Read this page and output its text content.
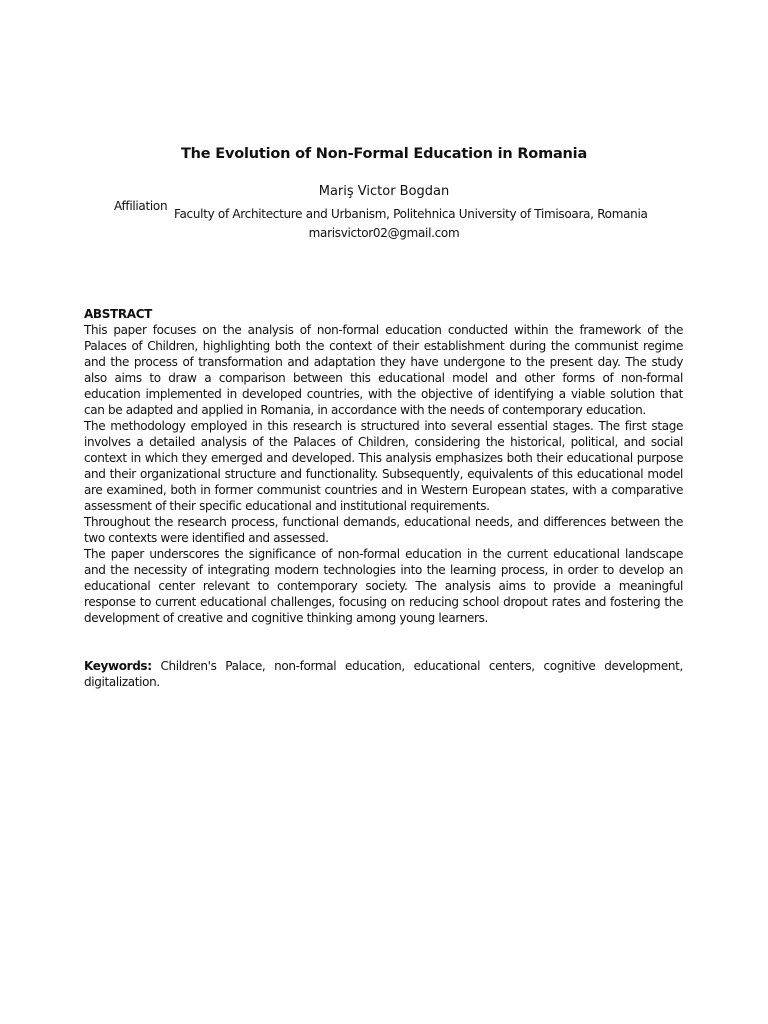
The Evolution of Non-Formal Education in Romania
Mariş Victor Bogdan
Affiliation
Faculty of Architecture and Urbanism, Politehnica University of Timisoara, Romania
marisvictor02@gmail.com
ABSTRACT

This paper focuses on the analysis of non-formal education conducted within the framework of the Palaces of Children, highlighting both the context of their establishment during the communist regime and the process of transformation and adaptation they have undergone to the present day. The study also aims to draw a comparison between this educational model and other forms of non-formal education implemented in developed countries, with the objective of identifying a viable solution that can be adapted and applied in Romania, in accordance with the needs of contemporary education.

The methodology employed in this research is structured into several essential stages. The first stage involves a detailed analysis of the Palaces of Children, considering the historical, political, and social context in which they emerged and developed. This analysis emphasizes both their educational purpose and their organizational structure and functionality. Subsequently, equivalents of this educational model are examined, both in former communist countries and in Western European states, with a comparative assessment of their specific educational and institutional requirements.

Throughout the research process, functional demands, educational needs, and differences between the two contexts were identified and assessed.

The paper underscores the significance of non-formal education in the current educational landscape and the necessity of integrating modern technologies into the learning process, in order to develop an educational center relevant to contemporary society. The analysis aims to provide a meaningful response to current educational challenges, focusing on reducing school dropout rates and fostering the development of creative and cognitive thinking among young learners.

Keywords: Children's Palace, non-formal education, educational centers, cognitive development, digitalization.
